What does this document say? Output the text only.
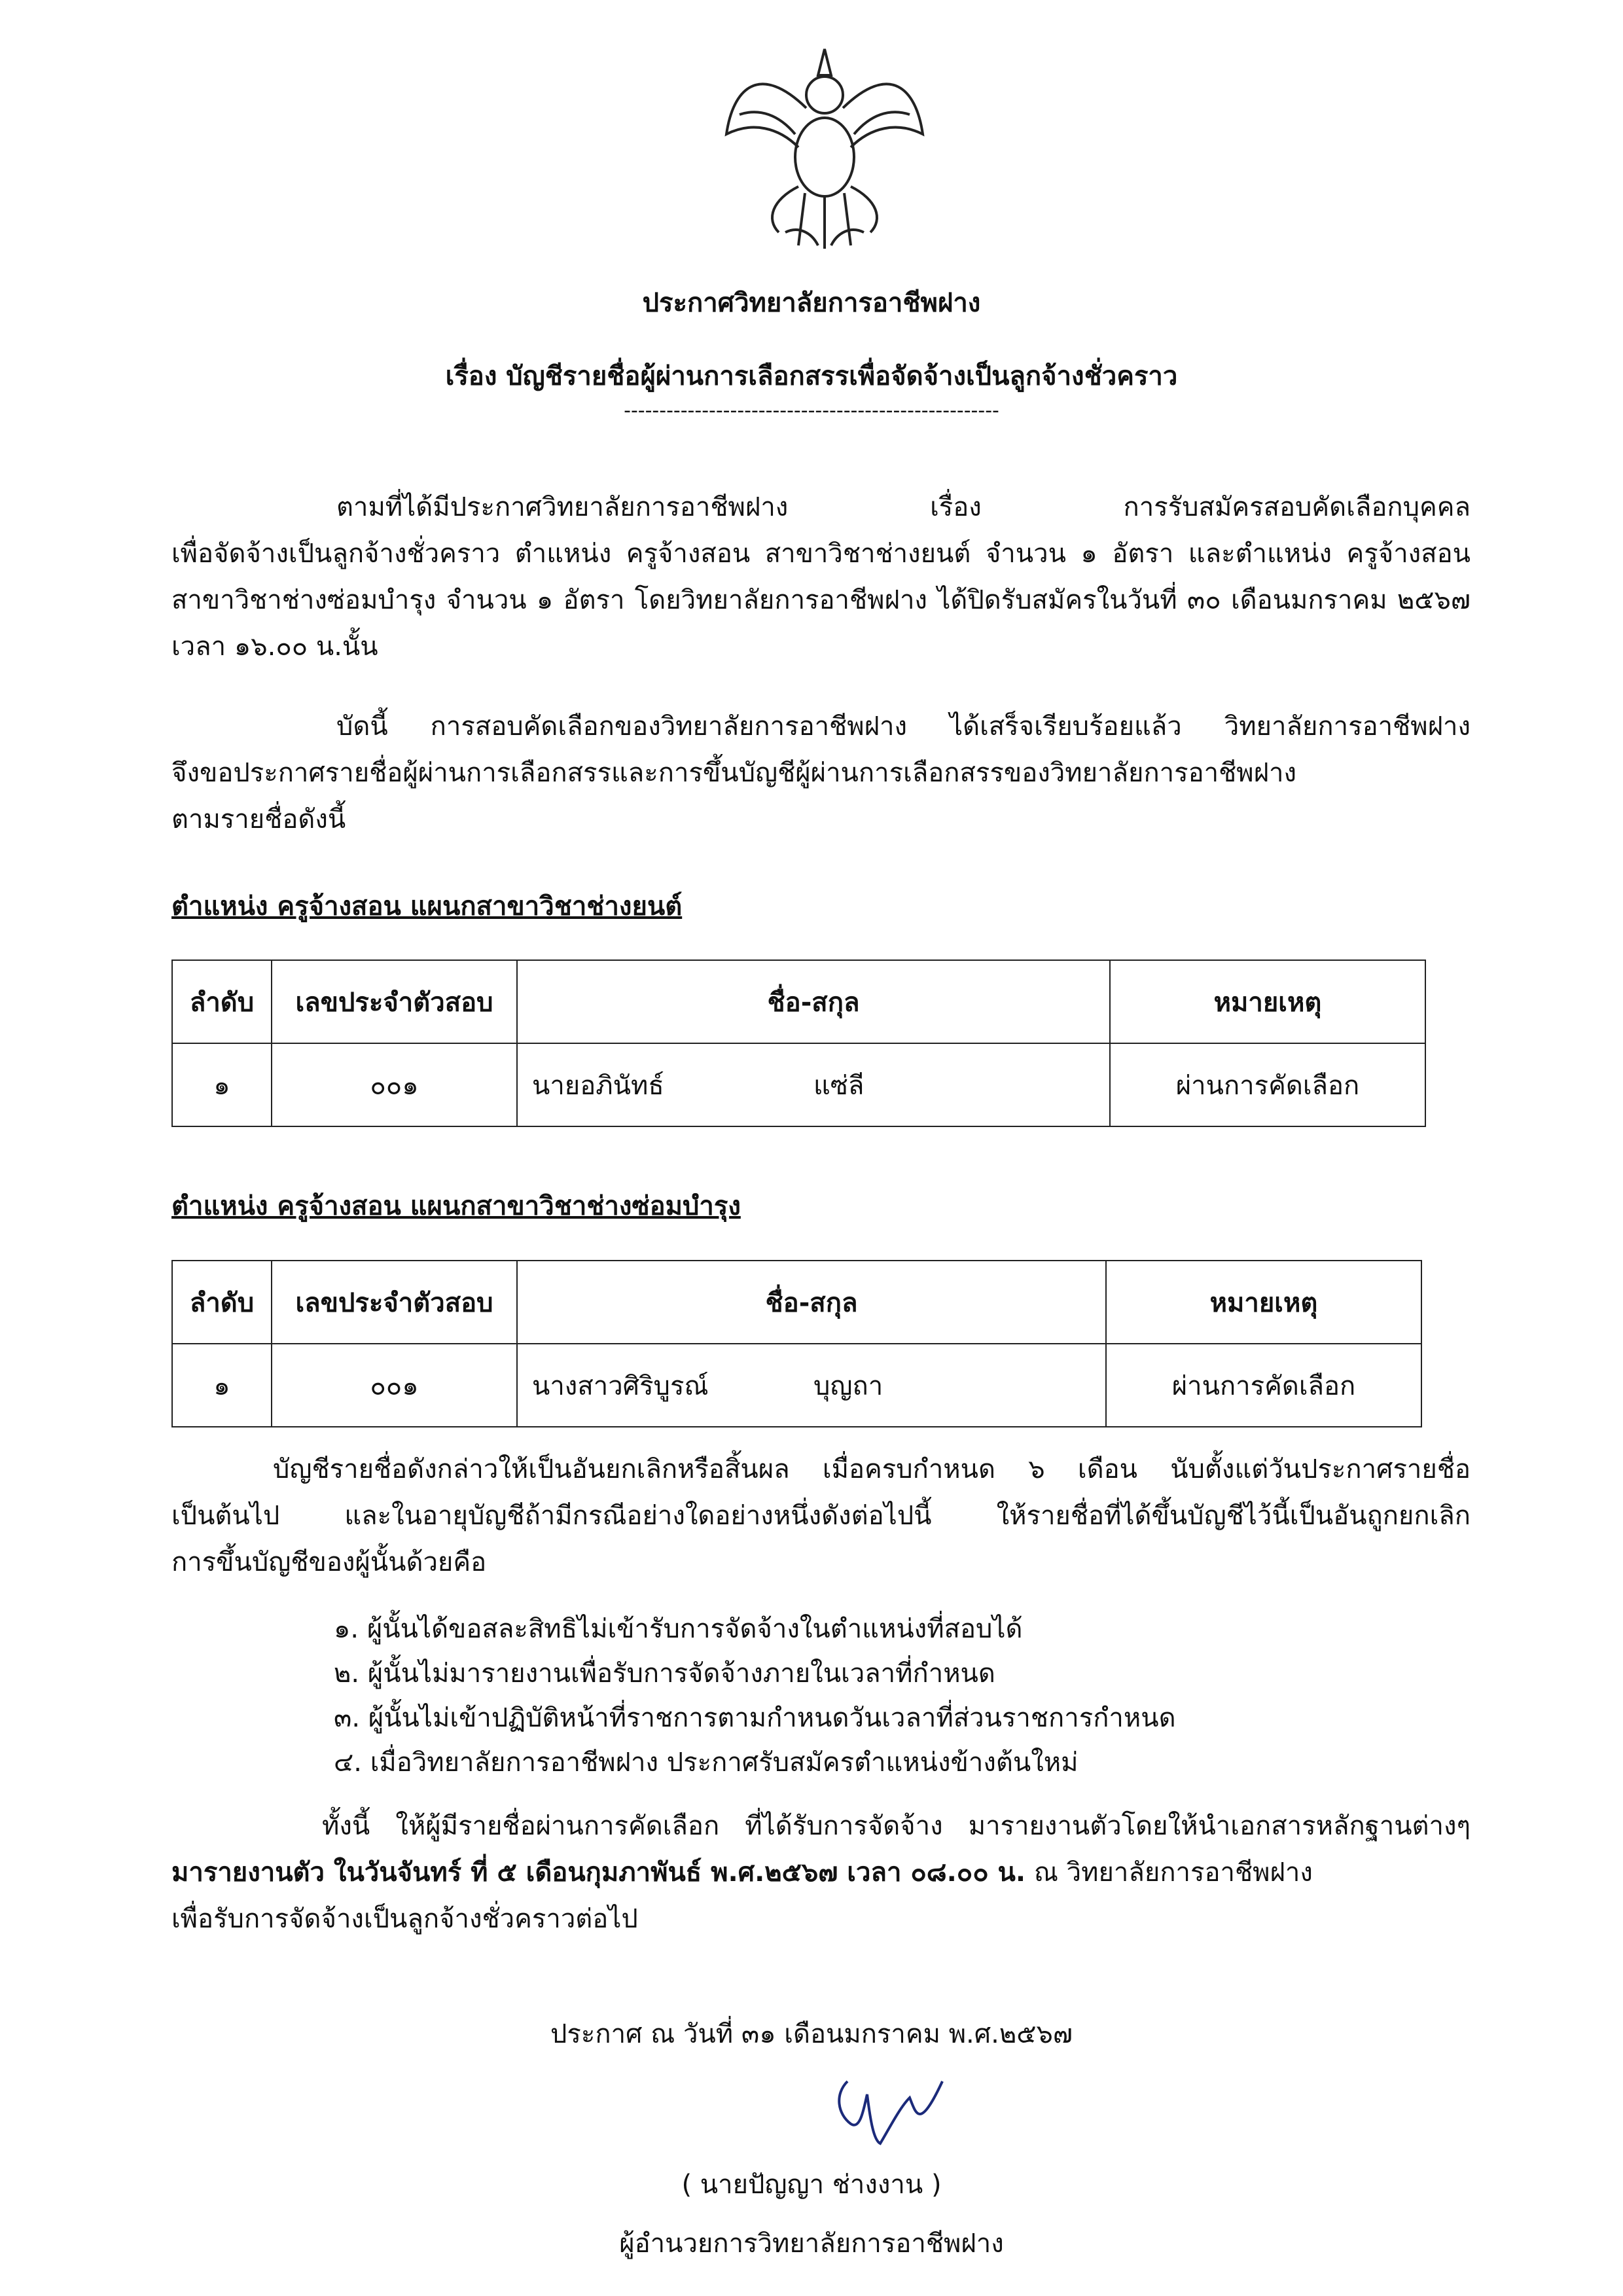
ประกาศวิทยาลัยการอาชีพฝาง
เรื่อง บัญชีรายชื่อผู้ผ่านการเลือกสรรเพื่อจัดจ้างเป็นลูกจ้างชั่วคราว
-----------------------------------------------------
ตามที่ได้มีประกาศวิทยาลัยการอาชีพฝาง เรื่อง การรับสมัครสอบคัดเลือกบุคคล
เพื่อจัดจ้างเป็นลูกจ้างชั่วคราว ตำแหน่ง ครูจ้างสอน สาขาวิชาช่างยนต์ จำนวน ๑ อัตรา และตำแหน่ง ครูจ้างสอน
สาขาวิชาช่างซ่อมบำรุง จำนวน ๑ อัตรา โดยวิทยาลัยการอาชีพฝาง ได้ปิดรับสมัครในวันที่ ๓๐ เดือนมกราคม ๒๕๖๗
เวลา ๑๖.๐๐ น.นั้น
บัดนี้ การสอบคัดเลือกของวิทยาลัยการอาชีพฝาง ได้เสร็จเรียบร้อยแล้ว วิทยาลัยการอาชีพฝาง
จึงขอประกาศรายชื่อผู้ผ่านการเลือกสรรและการขึ้นบัญชีผู้ผ่านการเลือกสรรของวิทยาลัยการอาชีพฝาง
ตามรายชื่อดังนี้
ตำแหน่ง ครูจ้างสอน แผนกสาขาวิชาช่างยนต์
ลำดับ	เลขประจำตัวสอบ	ชื่อ-สกุล	หมายเหตุ
๑	๐๐๑	นายอภินัทธ์ แซ่ลี	ผ่านการคัดเลือก
ตำแหน่ง ครูจ้างสอน แผนกสาขาวิชาช่างซ่อมบำรุง
ลำดับ	เลขประจำตัวสอบ	ชื่อ-สกุล	หมายเหตุ
๑	๐๐๑	นางสาวศิริบูรณ์ บุญถา	ผ่านการคัดเลือก
บัญชีรายชื่อดังกล่าวให้เป็นอันยกเลิกหรือสิ้นผล เมื่อครบกำหนด ๖ เดือน นับตั้งแต่วันประกาศรายชื่อ
เป็นต้นไป และในอายุบัญชีถ้ามีกรณีอย่างใดอย่างหนึ่งดังต่อไปนี้ ให้รายชื่อที่ได้ขึ้นบัญชีไว้นี้เป็นอันถูกยกเลิก
การขึ้นบัญชีของผู้นั้นด้วยคือ
๑. ผู้นั้นได้ขอสละสิทธิไม่เข้ารับการจัดจ้างในตำแหน่งที่สอบได้
๒. ผู้นั้นไม่มารายงานเพื่อรับการจัดจ้างภายในเวลาที่กำหนด
๓. ผู้นั้นไม่เข้าปฏิบัติหน้าที่ราชการตามกำหนดวันเวลาที่ส่วนราชการกำหนด
๔. เมื่อวิทยาลัยการอาชีพฝาง ประกาศรับสมัครตำแหน่งข้างต้นใหม่
ทั้งนี้ ให้ผู้มีรายชื่อผ่านการคัดเลือก ที่ได้รับการจัดจ้าง มารายงานตัวโดยให้นำเอกสารหลักฐานต่างๆ
มารายงานตัว ในวันจันทร์ ที่ ๕ เดือนกุมภาพันธ์ พ.ศ.๒๕๖๗ เวลา ๐๘.๐๐ น. ณ วิทยาลัยการอาชีพฝาง
เพื่อรับการจัดจ้างเป็นลูกจ้างชั่วคราวต่อไป
ประกาศ ณ วันที่ ๓๑ เดือนมกราคม พ.ศ.๒๕๖๗
( นายปัญญา ช่างงาน )
ผู้อำนวยการวิทยาลัยการอาชีพฝาง
